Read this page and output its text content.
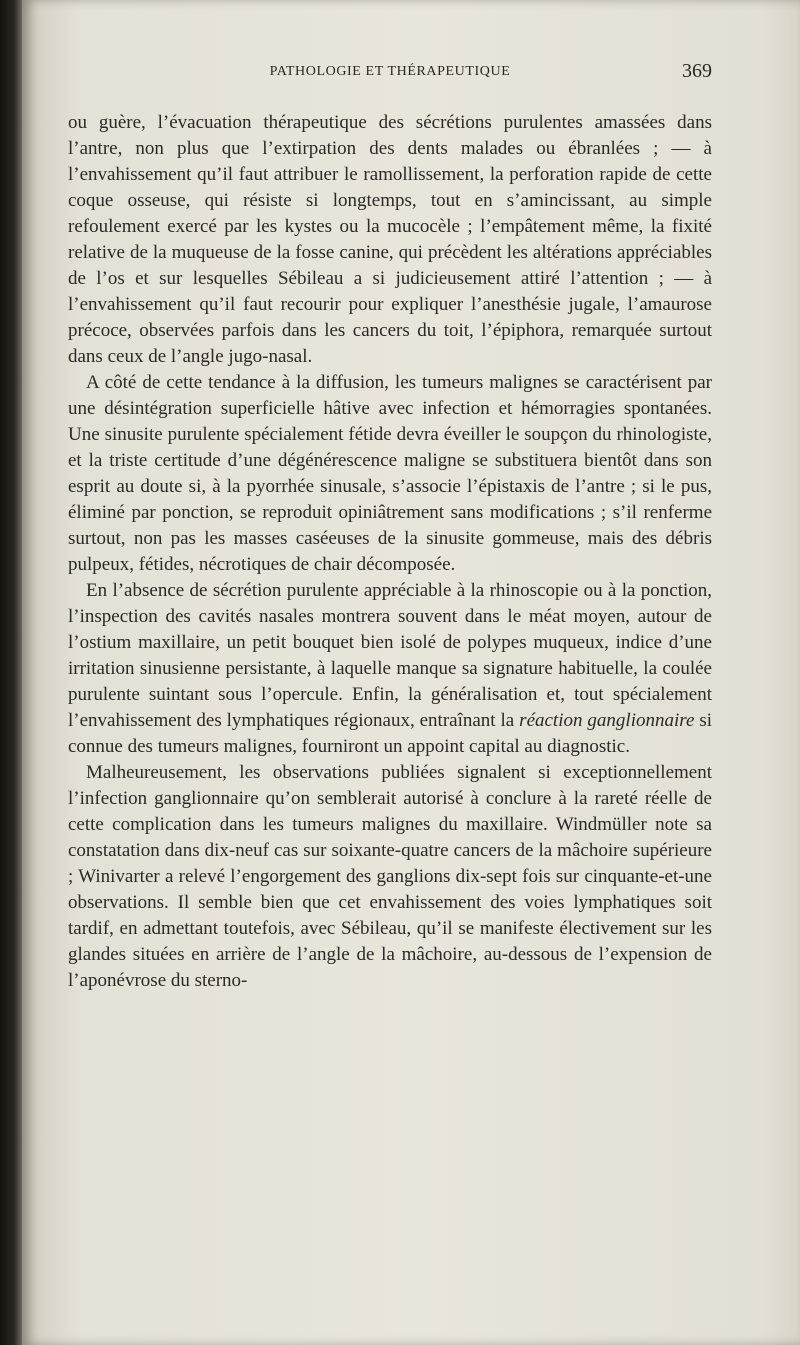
PATHOLOGIE ET THÉRAPEUTIQUE	369

ou guère, l’évacuation thérapeutique des sécrétions purulentes amassées dans l’antre, non plus que l’extirpation des dents malades ou ébranlées ; — à l’envahissement qu’il faut attribuer le ramollissement, la perforation rapide de cette coque osseuse, qui résiste si longtemps, tout en s’amincissant, au simple refoulement exercé par les kystes ou la mucocèle ; l’empâtement même, la fixité relative de la muqueuse de la fosse canine, qui précèdent les altérations appréciables de l’os et sur lesquelles Sébileau a si judicieusement attiré l’attention ; — à l’envahissement qu’il faut recourir pour expliquer l’anesthésie jugale, l’amaurose précoce, observées parfois dans les cancers du toit, l’épiphora, remarquée surtout dans ceux de l’angle jugo-nasal.

A côté de cette tendance à la diffusion, les tumeurs malignes se caractérisent par une désintégration superficielle hâtive avec infection et hémorragies spontanées. Une sinusite purulente spécialement fétide devra éveiller le soupçon du rhinologiste, et la triste certitude d’une dégénérescence maligne se substituera bientôt dans son esprit au doute si, à la pyorrhée sinusale, s’associe l’épistaxis de l’antre ; si le pus, éliminé par ponction, se reproduit opiniâtrement sans modifications ; s’il renferme surtout, non pas les masses caséeuses de la sinusite gommeuse, mais des débris pulpeux, fétides, nécrotiques de chair décomposée.

En l’absence de sécrétion purulente appréciable à la rhinoscopie ou à la ponction, l’inspection des cavités nasales montrera souvent dans le méat moyen, autour de l’ostium maxillaire, un petit bouquet bien isolé de polypes muqueux, indice d’une irritation sinusienne persistante, à laquelle manque sa signature habituelle, la coulée purulente suintant sous l’opercule. Enfin, la généralisation et, tout spécialement l’envahissement des lymphatiques régionaux, entraînant la réaction ganglionnaire si connue des tumeurs malignes, fourniront un appoint capital au diagnostic.

Malheureusement, les observations publiées signalent si exceptionnellement l’infection ganglionnaire qu’on semblerait autorisé à conclure à la rareté réelle de cette complication dans les tumeurs malignes du maxillaire. Windmüller note sa constatation dans dix-neuf cas sur soixante-quatre cancers de la mâchoire supérieure ; Winivarter a relevé l’engorgement des ganglions dix-sept fois sur cinquante-et-une observations. Il semble bien que cet envahissement des voies lymphatiques soit tardif, en admettant toutefois, avec Sébileau, qu’il se manifeste électivement sur les glandes situées en arrière de l’angle de la mâchoire, au-dessous de l’expension de l’aponévrose du sterno-
